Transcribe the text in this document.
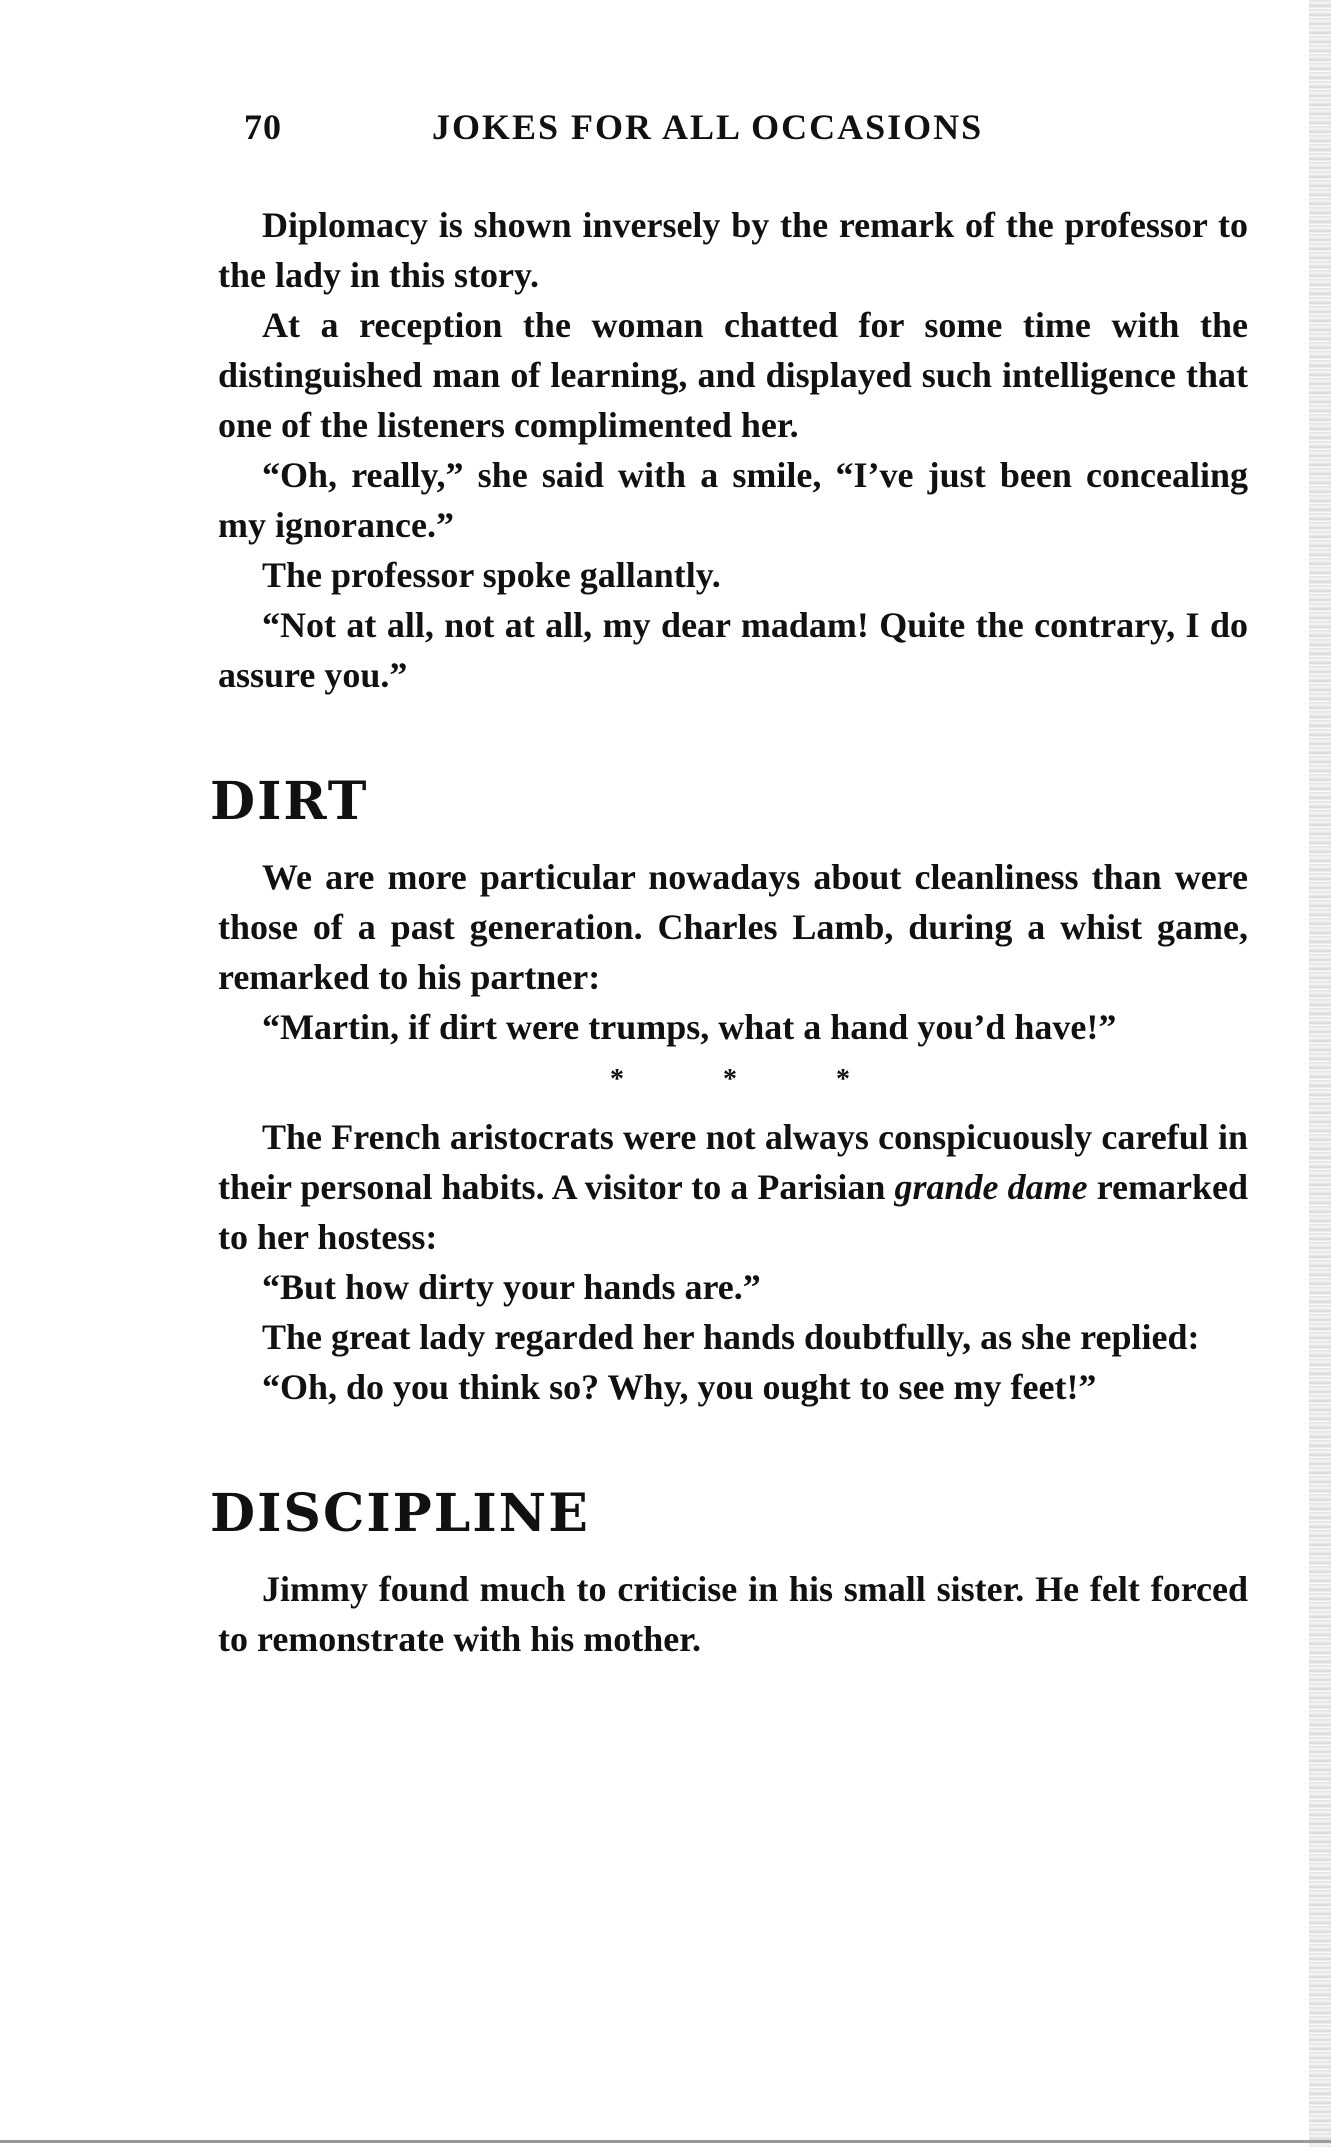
70	JOKES FOR ALL OCCASIONS

Diplomacy is shown inversely by the remark of the professor to the lady in this story.

At a reception the woman chatted for some time with the distinguished man of learning, and displayed such intelligence that one of the listeners complimented her.

“Oh, really,” she said with a smile, “I’ve just been concealing my ignorance.”

The professor spoke gallantly.

“Not at all, not at all, my dear madam! Quite the contrary, I do assure you.”

DIRT

We are more particular nowadays about cleanliness than were those of a past generation. Charles Lamb, during a whist game, remarked to his partner:

“Martin, if dirt were trumps, what a hand you’d have!”

* * *

The French aristocrats were not always conspicuously careful in their personal habits. A visitor to a Parisian grande dame remarked to her hostess:

“But how dirty your hands are.”

The great lady regarded her hands doubtfully, as she replied:

“Oh, do you think so? Why, you ought to see my feet!”

DISCIPLINE

Jimmy found much to criticise in his small sister. He felt forced to remonstrate with his mother.
